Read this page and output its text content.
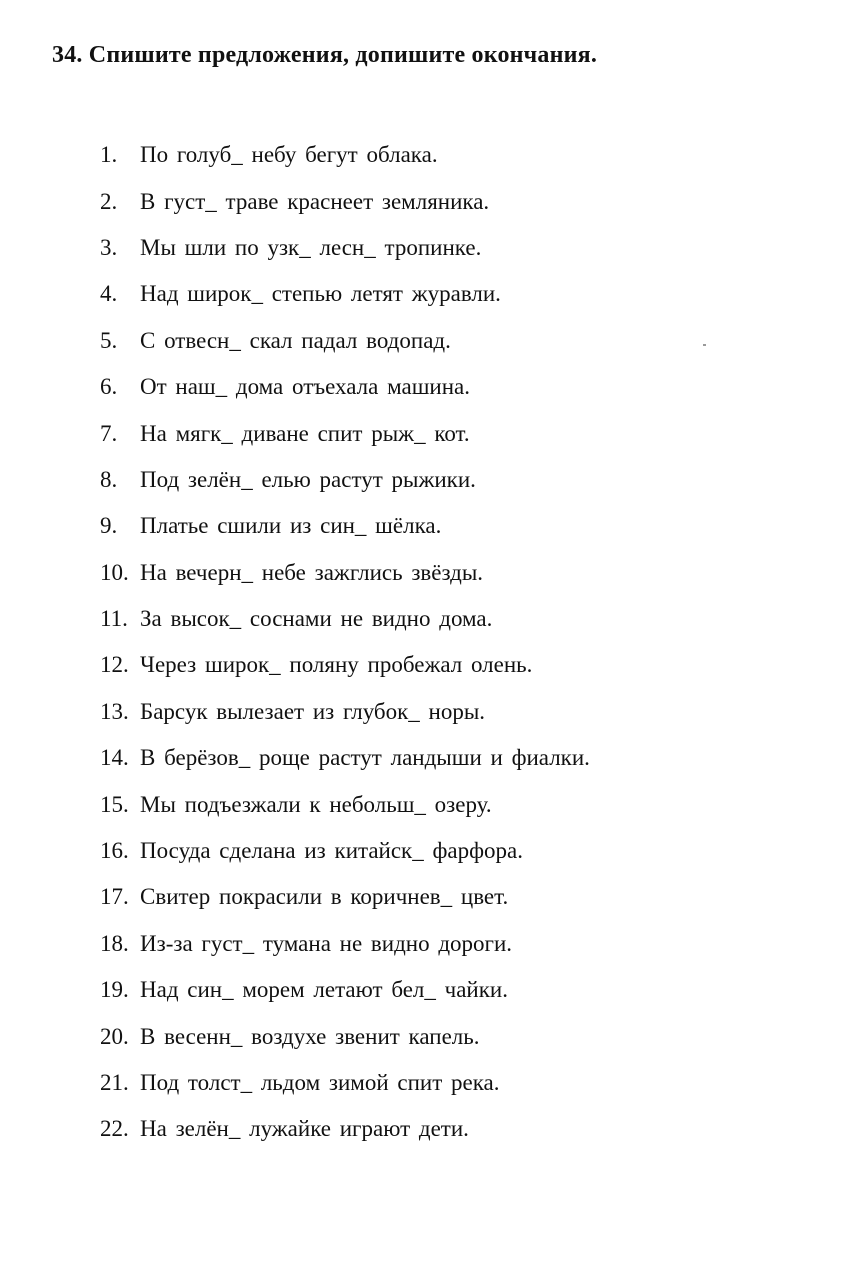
34. Спишите предложения, допишите окончания.
1. По голуб_ небу бегут облака.
2. В густ_ траве краснеет земляника.
3. Мы шли по узк_ лесн_ тропинке.
4. Над широк_ степью летят журавли.
5. С отвесн_ скал падал водопад.
6. От наш_ дома отъехала машина.
7. На мягк_ диване спит рыж_ кот.
8. Под зелён_ елью растут рыжики.
9. Платье сшили из син_ шёлка.
10. На вечерн_ небе зажглись звёзды.
11. За высок_ соснами не видно дома.
12. Через широк_ поляну пробежал олень.
13. Барсук вылезает из глубок_ норы.
14. В берёзов_ роще растут ландыши и фиалки.
15. Мы подъезжали к небольш_ озеру.
16. Посуда сделана из китайск_ фарфора.
17. Свитер покрасили в коричнев_ цвет.
18. Из-за густ_ тумана не видно дороги.
19. Над син_ морем летают бел_ чайки.
20. В весенн_ воздухе звенит капель.
21. Под толст_ льдом зимой спит река.
22. На зелён_ лужайке играют дети.
